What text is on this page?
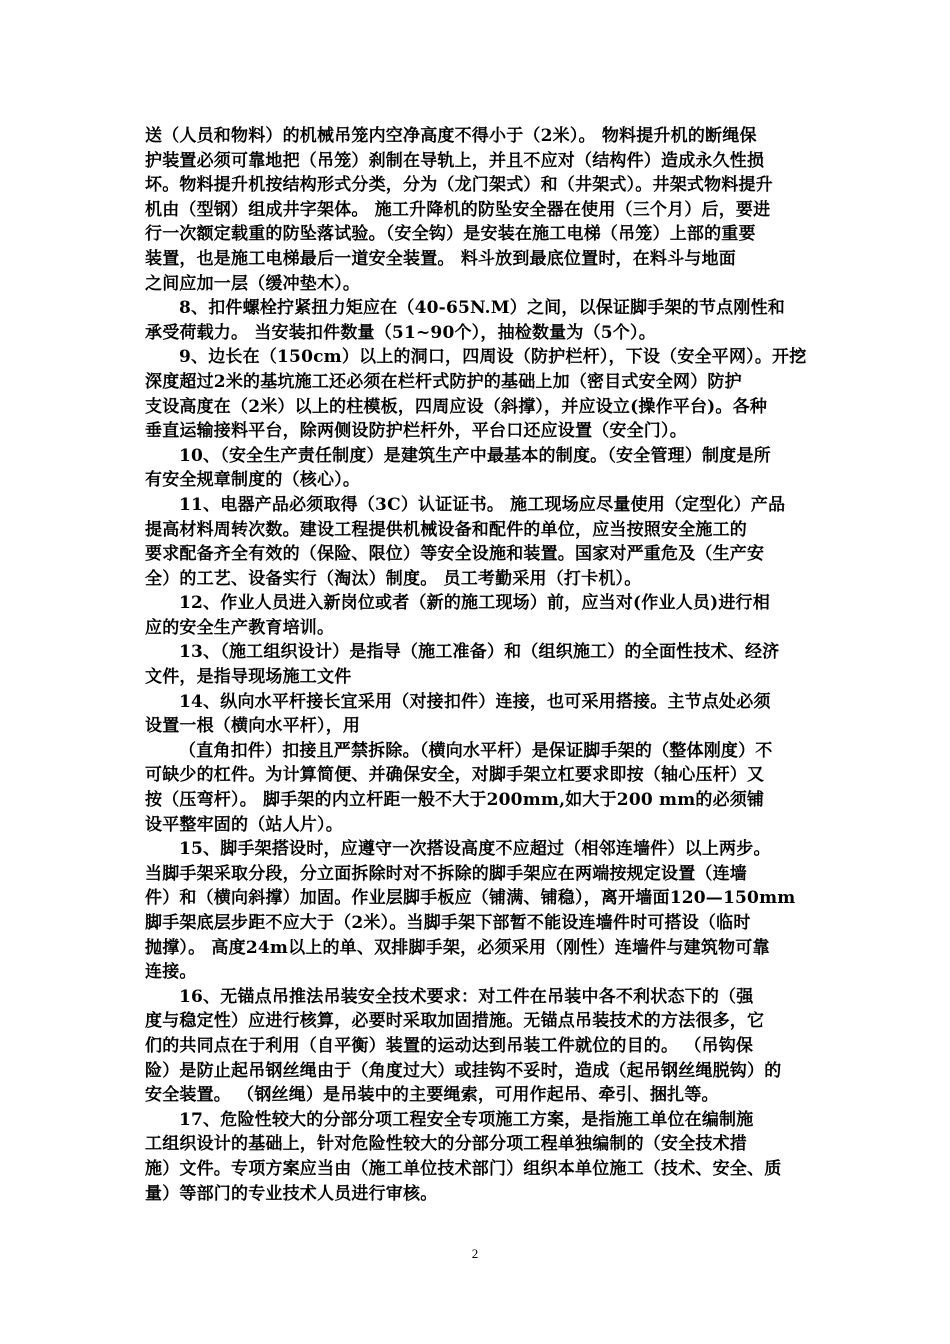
送（人员和物料）的机械吊笼内空净高度不得小于（2米）。 物料提升机的断绳保
护装置必须可靠地把（吊笼）刹制在导轨上，并且不应对（结构件）造成永久性损
坏。物料提升机按结构形式分类，分为（龙门架式）和（井架式）。井架式物料提升
机由（型钢）组成井字架体。 施工升降机的防坠安全器在使用（三个月）后，要进
行一次额定载重的防坠落试验。（安全钩）是安装在施工电梯（吊笼）上部的重要
装置，也是施工电梯最后一道安全装置。 料斗放到最底位置时，在料斗与地面
之间应加一层（缓冲垫木）。
8、扣件螺栓拧紧扭力矩应在（40-65N.M）之间，以保证脚手架的节点刚性和
承受荷载力。 当安装扣件数量（51~90个），抽检数量为（5个）。
9、边长在（150cm）以上的洞口，四周设（防护栏杆），下设（安全平网）。开挖
深度超过2米的基坑施工还必须在栏杆式防护的基础上加（密目式安全网）防护
支设高度在（2米）以上的柱模板，四周应设（斜撑），并应设立(操作平台)。各种
垂直运输接料平台，除两侧设防护栏杆外，平台口还应设置（安全门）。
10、（安全生产责任制度）是建筑生产中最基本的制度。（安全管理）制度是所
有安全规章制度的（核心）。
11、电器产品必须取得（3C）认证证书。 施工现场应尽量使用（定型化）产品
提高材料周转次数。建设工程提供机械设备和配件的单位，应当按照安全施工的
要求配备齐全有效的（保险、限位）等安全设施和装置。国家对严重危及（生产安
全）的工艺、设备实行（淘汰）制度。 员工考勤采用（打卡机）。
12、作业人员进入新岗位或者（新的施工现场）前，应当对(作业人员)进行相
应的安全生产教育培训。
13、（施工组织设计）是指导（施工准备）和（组织施工）的全面性技术、经济
文件，是指导现场施工文件
14、纵向水平杆接长宜采用（对接扣件）连接，也可采用搭接。主节点处必须
设置一根（横向水平杆），用
（直角扣件）扣接且严禁拆除。（横向水平杆）是保证脚手架的（整体刚度）不
可缺少的杠件。为计算简便、并确保安全，对脚手架立杠要求即按（轴心压杆）又
按（压弯杆）。 脚手架的内立杆距一般不大于200mm,如大于200 mm的必须铺
设平整牢固的（站人片）。
15、脚手架搭设时，应遵守一次搭设高度不应超过（相邻连墙件）以上两步。
当脚手架采取分段，分立面拆除时对不拆除的脚手架应在两端按规定设置（连墙
件）和（横向斜撑）加固。作业层脚手板应（铺满、铺稳），离开墙面120—150mm
脚手架底层步距不应大于（2米）。当脚手架下部暂不能设连墙件时可搭设（临时
抛撑）。 高度24m以上的单、双排脚手架，必须采用（刚性）连墙件与建筑物可靠
连接。
16、无锚点吊推法吊装安全技术要求：对工件在吊装中各不利状态下的（强
度与稳定性）应进行核算，必要时采取加固措施。无锚点吊装技术的方法很多，它
们的共同点在于利用（自平衡）装置的运动达到吊装工件就位的目的。 （吊钩保
险）是防止起吊钢丝绳由于（角度过大）或挂钩不妥时，造成（起吊钢丝绳脱钩）的
安全装置。 （钢丝绳）是吊装中的主要绳索，可用作起吊、牵引、捆扎等。
17、危险性较大的分部分项工程安全专项施工方案，是指施工单位在编制施
工组织设计的基础上，针对危险性较大的分部分项工程单独编制的（安全技术措
施）文件。专项方案应当由（施工单位技术部门）组织本单位施工（技术、安全、质
量）等部门的专业技术人员进行审核。
2
